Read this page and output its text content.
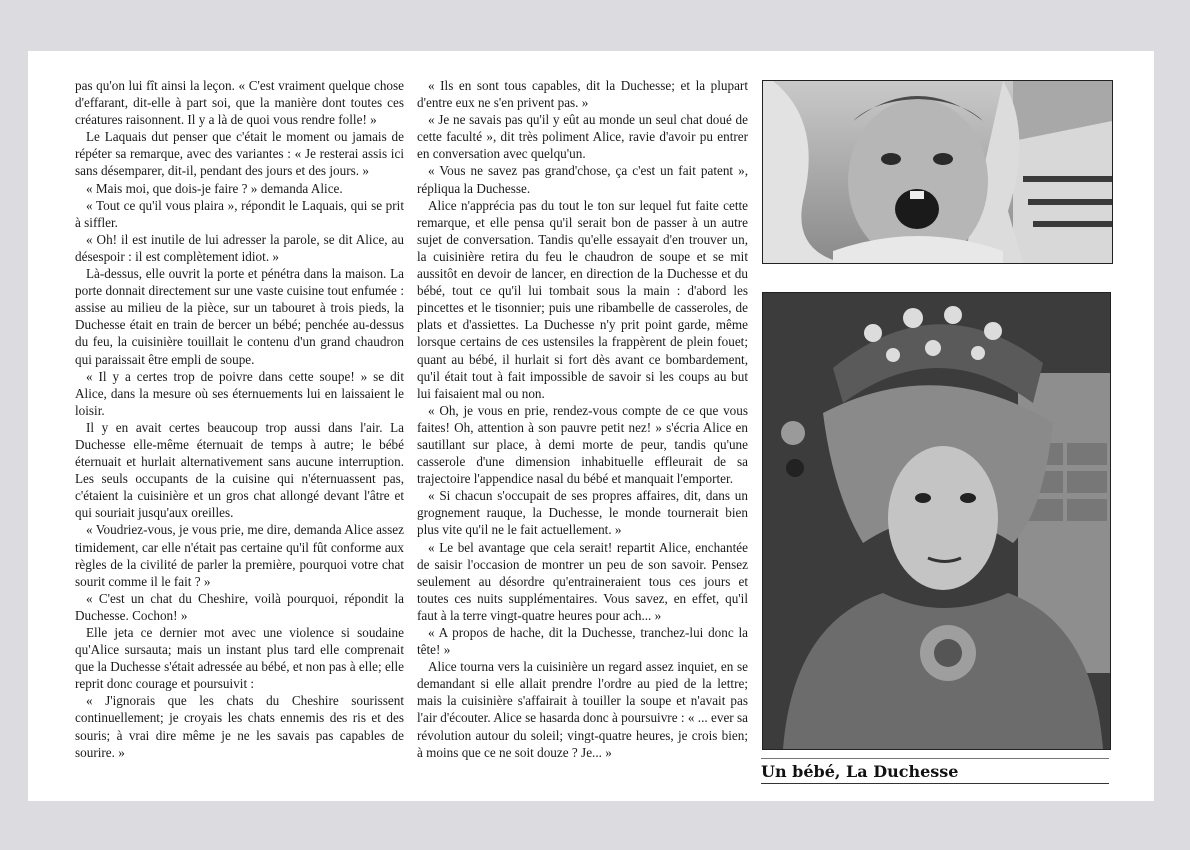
pas qu'on lui fît ainsi la leçon. « C'est vraiment quelque chose d'effarant, dit-elle à part soi, que la manière dont toutes ces créatures raisonnent. Il y a là de quoi vous rendre folle! »

Le Laquais dut penser que c'était le moment ou jamais de répéter sa remarque, avec des variantes : « Je resterai assis ici sans désemparer, dit-il, pendant des jours et des jours. »

« Mais moi, que dois-je faire ? » demanda Alice.

« Tout ce qu'il vous plaira », répondit le Laquais, qui se prit à siffler.

« Oh! il est inutile de lui adresser la parole, se dit Alice, au désespoir : il est complètement idiot. »

Là-dessus, elle ouvrit la porte et pénétra dans la maison. La porte donnait directement sur une vaste cuisine tout enfumée : assise au milieu de la pièce, sur un tabouret à trois pieds, la Duchesse était en train de bercer un bébé; penchée au-dessus du feu, la cuisinière touillait le contenu d'un grand chaudron qui paraissait être empli de soupe.

« Il y a certes trop de poivre dans cette soupe! » se dit Alice, dans la mesure où ses éternuements lui en laissaient le loisir.

Il y en avait certes beaucoup trop aussi dans l'air. La Duchesse elle-même éternuait de temps à autre; le bébé éternuait et hurlait alternativement sans aucune interruption. Les seuls occupants de la cuisine qui n'éternuassent pas, c'étaient la cuisinière et un gros chat allongé devant l'âtre et qui souriait jusqu'aux oreilles.

« Voudriez-vous, je vous prie, me dire, demanda Alice assez timidement, car elle n'était pas certaine qu'il fût conforme aux règles de la civilité de parler la première, pourquoi votre chat sourit comme il le fait ? »

« C'est un chat du Cheshire, voilà pourquoi, répondit la Duchesse. Cochon! »

Elle jeta ce dernier mot avec une violence si soudaine qu'Alice sursauta; mais un instant plus tard elle comprenait que la Duchesse s'était adressée au bébé, et non pas à elle; elle reprit donc courage et poursuivit :

« J'ignorais que les chats du Cheshire sourissent continuellement; je croyais les chats ennemis des ris et des souris; à vrai dire même je ne les savais pas capables de sourire. »

« Ils en sont tous capables, dit la Duchesse; et la plupart d'entre eux ne s'en privent pas. »

« Je ne savais pas qu'il y eût au monde un seul chat doué de cette faculté », dit très poliment Alice, ravie d'avoir pu entrer en conversation avec quelqu'un.

« Vous ne savez pas grand'chose, ça c'est un fait patent », répliqua la Duchesse.

Alice n'apprécia pas du tout le ton sur lequel fut faite cette remarque, et elle pensa qu'il serait bon de passer à un autre sujet de conversation. Tandis qu'elle essayait d'en trouver un, la cuisinière retira du feu le chaudron de soupe et se mit aussitôt en devoir de lancer, en direction de la Duchesse et du bébé, tout ce qu'il lui tombait sous la main : d'abord les pincettes et le tisonnier; puis une ribambelle de casseroles, de plats et d'assiettes. La Duchesse n'y prit point garde, même lorsque certains de ces ustensiles la frappèrent de plein fouet; quant au bébé, il hurlait si fort dès avant ce bombardement, qu'il était tout à fait impossible de savoir si les coups au but lui faisaient mal ou non.

« Oh, je vous en prie, rendez-vous compte de ce que vous faites! Oh, attention à son pauvre petit nez! » s'écria Alice en sautillant sur place, à demi morte de peur, tandis qu'une casserole d'une dimension inhabituelle effleurait de sa trajectoire l'appendice nasal du bébé et manquait l'emporter.

« Si chacun s'occupait de ses propres affaires, dit, dans un grognement rauque, la Duchesse, le monde tournerait bien plus vite qu'il ne le fait actuellement. »

« Le bel avantage que cela serait! repartit Alice, enchantée de saisir l'occasion de montrer un peu de son savoir. Pensez seulement au désordre qu'entraineraient tous ces jours et toutes ces nuits supplémentaires. Vous savez, en effet, qu'il faut à la terre vingt-quatre heures pour ach... »

« A propos de hache, dit la Duchesse, tranchez-lui donc la tête! »

Alice tourna vers la cuisinière un regard assez inquiet, en se demandant si elle allait prendre l'ordre au pied de la lettre; mais la cuisinière s'affairait à touiller la soupe et n'avait pas l'air d'écouter. Alice se hasarda donc à poursuivre : « ... ever sa révolution autour du soleil; vingt-quatre heures, je crois bien; à moins que ce ne soit douze ? Je... »

Un bébé, La Duchesse
